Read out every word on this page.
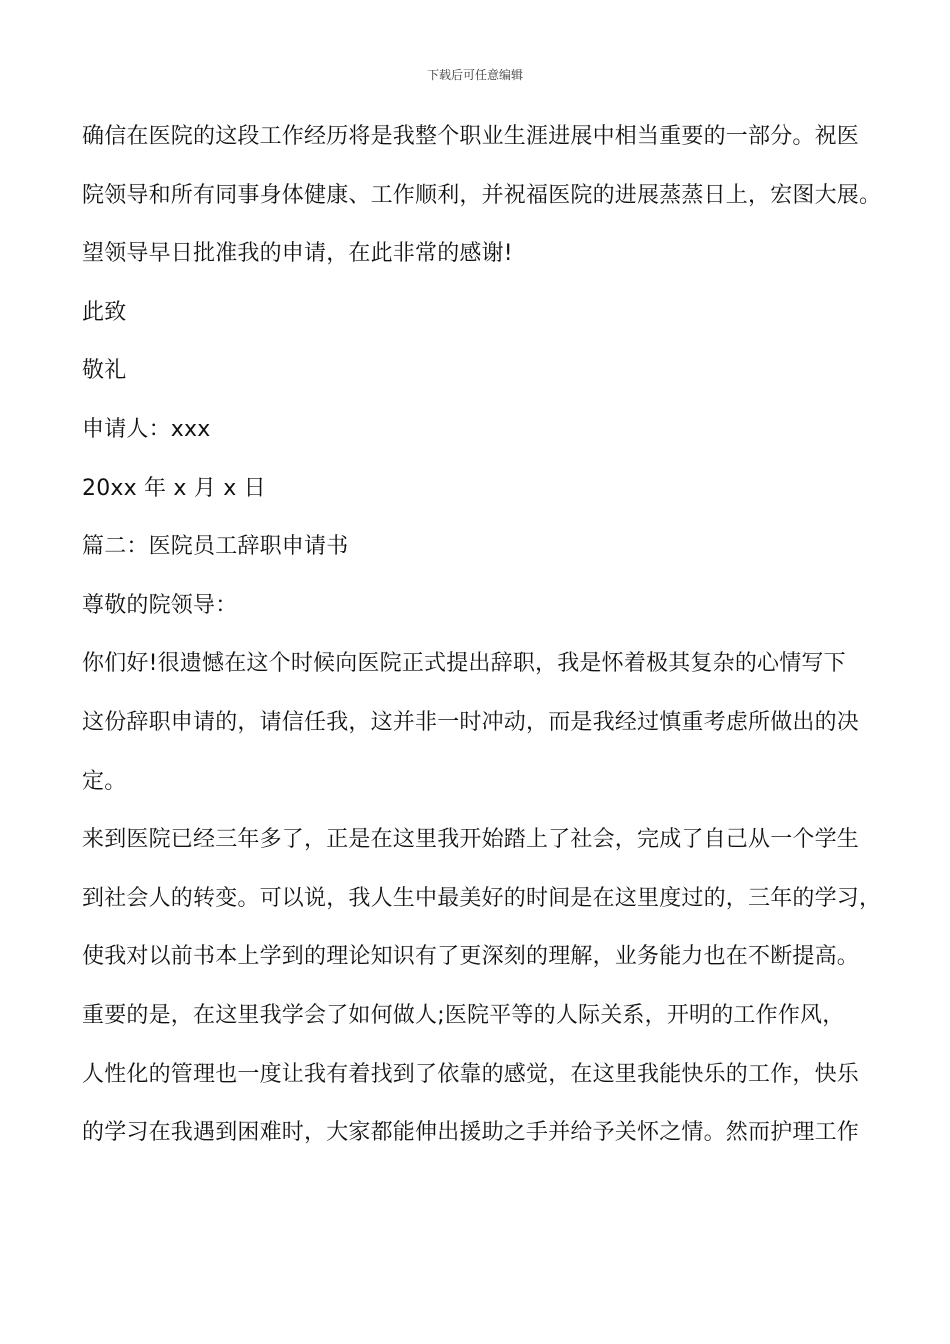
下载后可任意编辑
确信在医院的这段工作经历将是我整个职业生涯进展中相当重要的一部分。祝医
院领导和所有同事身体健康、工作顺利，并祝福医院的进展蒸蒸日上，宏图大展。
望领导早日批准我的申请，在此非常的感谢!
此致
敬礼
申请人：xxx
20xx 年 x 月 x 日
篇二：医院员工辞职申请书
尊敬的院领导：
你们好!很遗憾在这个时候向医院正式提出辞职，我是怀着极其复杂的心情写下
这份辞职申请的，请信任我，这并非一时冲动，而是我经过慎重考虑所做出的决
定。
来到医院已经三年多了，正是在这里我开始踏上了社会，完成了自己从一个学生
到社会人的转变。可以说，我人生中最美好的时间是在这里度过的，三年的学习，
使我对以前书本上学到的理论知识有了更深刻的理解，业务能力也在不断提高。
重要的是，在这里我学会了如何做人;医院平等的人际关系，开明的工作作风，
人性化的管理也一度让我有着找到了依靠的感觉，在这里我能快乐的工作，快乐
的学习在我遇到困难时，大家都能伸出援助之手并给予关怀之情。然而护理工作
